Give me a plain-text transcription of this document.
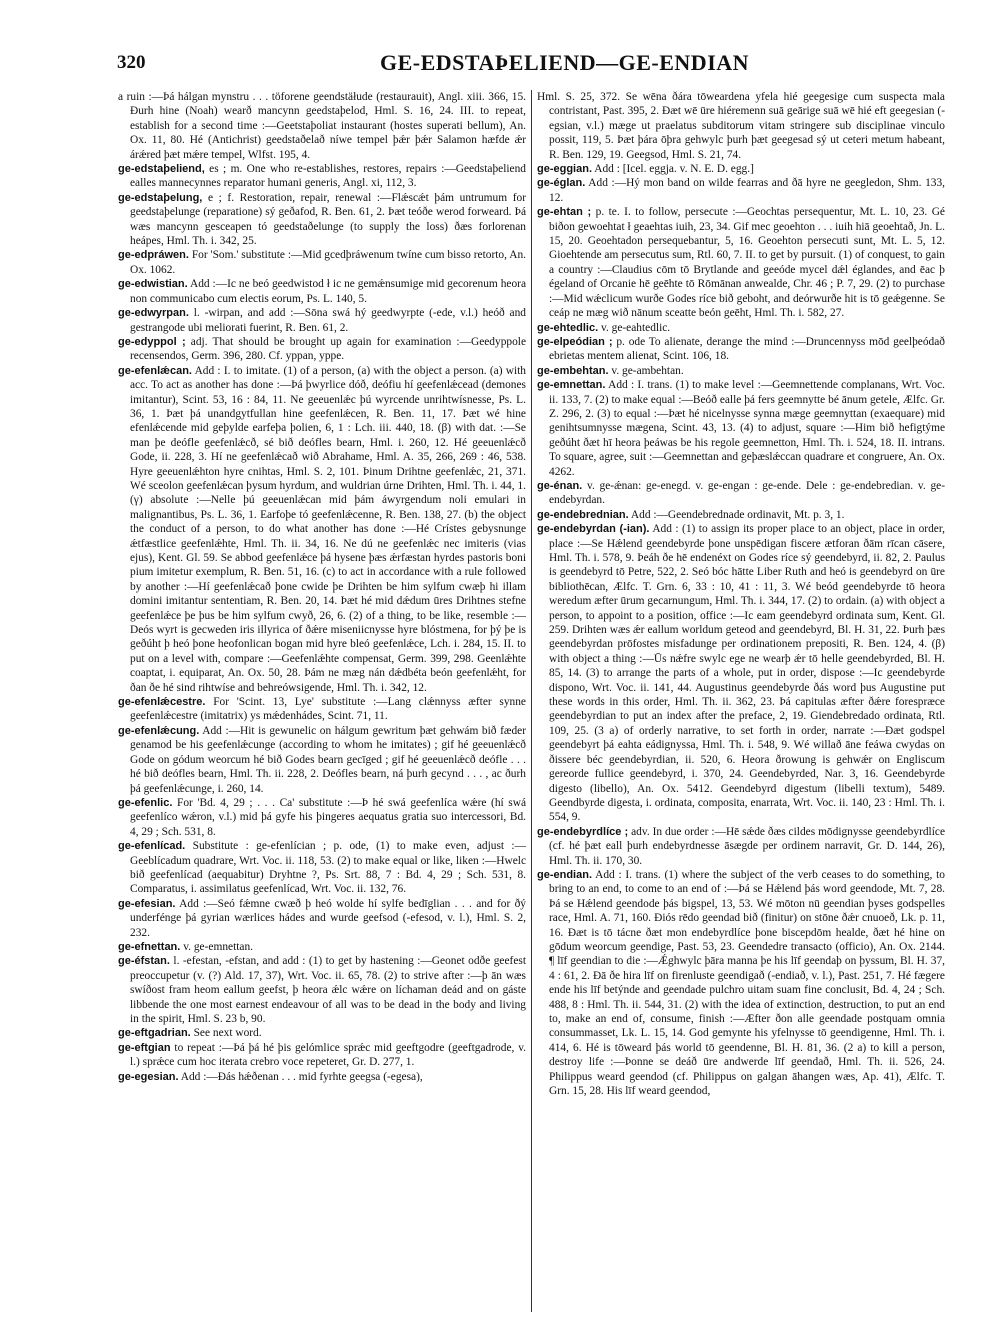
320	GE-EDSTAÞELIEND—GE-ENDIAN

a ruin :—Þá hálgan mynstru . . . töforene geendstäłude (restaurauit), Angl. xiii. 366, 15. Ðurh hine (Noah) wearð mancynn geedstaþelod, Hml. S. 16, 24. III. to repeat, establish for a second time :—Geetstaþoliat instaurant (hostes superati bellum), An. Ox. 11, 80. Hé (Antichrist) geedstaðelað níwe tempel þǽr þǽr Salamon hæfde ǽr árǽred þæt mǽre tempel, Wlfst. 195, 4.

ge-edstaþeliend, es ; m. One who re-establishes, restores, repairs :—Geedstaþeliend ealles mannecynnes reparator humani generis, Angl. xi, 112, 3.

ge-edstaþelung, e ; f. Restoration, repair, renewal :—Flǽscǽt þám untrumum for geedstaþelunge (reparatione) sý geðafod, R. Ben. 61, 2. Þæt teóðe werod forweard. Þá wæs mancynn gesceapen tó geedstaðelunge (to supply the loss) ðæs forlorenan heápes, Hml. Th. i. 342, 25.

ge-edpráwen. For 'Som.' substitute :—Mid gcedþráwenum twíne cum bisso retorto, An. Ox. 1062.

ge-edwistian. Add :—Ic ne beó geedwistod ł ic ne gemǽnsumige mid gecorenum heora non communicabo cum electis eorum, Ps. L. 140, 5.

ge-edwyrpan. l. -wirpan, and add :—Sōna swá hý geedwyrpte (-ede, v.l.) heóð and gestrangode ubi meliorati fuerint, R. Ben. 61, 2.

ge-edyppol ; adj. That should be brought up again for examination :—Geedyppole recensendos, Germ. 396, 280. Cf. yppan, yppe.

ge-efenlǽcan. Add : I. to imitate. (1) of a person, (a) with the object a person. (a) with acc. To act as another has done :—Þá þwyrlice dóð, deófiu hí geefenlǽcead (demones imitantur), Scint. 53, 16 : 84, 11. Ne geeuenlǽc þú wyrcende unrihtwísnesse, Ps. L. 36, 1. Þæt þá unandgytfullan hine geefenlǽcen, R. Ben. 11, 17. Þæt wé hine efenlǽcende mid geþylde earfeþa þolien, 6, 1 : Lch. iii. 440, 18. (β) with dat. :—Se man þe deófle geefenlǽcð, sé bið deófles bearn, Hml. i. 260, 12. Hé geeuenlǽcð Gode, ii. 228, 3. Hí ne geefenlǽcað wið Abrahame, Hml. A. 35, 266, 269 : 46, 538. Hyre geeuenlǽhton hyre cnihtas, Hml. S. 2, 101. Þinum Drihtne geefenlǽc, 21, 371. Wé sceolon geefenlǽcan þysum hyrdum, and wuldrian úrne Drihten, Hml. Th. i. 44, 1. (γ) absolute :—Nelle þú geeuenlǽcan mid þám áwyrgendum noli emulari in malignantibus, Ps. L. 36, 1. Earfoþe tó geefenlǽcenne, R. Ben. 138, 27. (b) the object the conduct of a person, to do what another has done :—Hé Crístes gebysnunge ǽtfæstlice geefenlǽhte, Hml. Th. ii. 34, 16. Ne dú ne geefenlǽc nec imiteris (vias ejus), Kent. Gl. 59. Se abbod geefenlǽce þá hysene þæs ǽrfæstan hyrdes pastoris boni pium imitetur exemplum, R. Ben. 51, 16. (c) to act in accordance with a rule followed by another :—Hí geefenlǽcað þone cwide þe Drihten be him sylfum cwæþ hi illam domini imitantur sententiam, R. Ben. 20, 14. Þæt hé mid dǽdum ūres Drihtnes stefne geefenlǽce þe þus be him sylfum cwyð, 26, 6. (2) of a thing, to be like, resemble :—Deós wyrt is gecweden iris illyrica of ðǽre miseniicnysse hyre blóstmena, for þý þe is geðúht þ heó þone heofonlican bogan mid hyre bleó geefenlǽce, Lch. i. 284, 15. II. to put on a level with, compare :—Geefenlǽhte compensat, Germ. 399, 298. Geenlǽhte coaptat, i. equiparat, An. Ox. 50, 28. Þám ne mæg nán dǽdbéta beón geefenlǽht, for ðan ðe hé sind rihtwíse and behreówsigende, Hml. Th. i. 342, 12.

ge-efenlǽcestre. For 'Scint. 13, Lye' substitute :—Lang clǽnnyss æfter synne geefenlǽcestre (imitatrix) ys mǽdenhádes, Scint. 71, 11.

ge-efenlǽcung. Add :—Hit is gewunelic on hálgum gewritum þæt gehwám bið fæder genamod be his geefenlǽcunge (according to whom he imitates) ; gif hé geeuenlǽcð Gode on gódum weorcum hé bið Godes bearn gecīged ; gif hé geeuenlǽcð deófle . . . hé bið deófles bearn, Hml. Th. ii. 228, 2. Deófles bearn, ná þurh gecynd . . . , ac ðurh þá geefenlǽcunge, i. 260, 14.

ge-efenlic. For 'Bd. 4, 29 ; . . . Ca' substitute :—Þ hé swá geefenlíca wǽre (hí swá geefenlíco wǽron, v.l.) mid þá gyfe his þingeres aequatus gratia suo intercessori, Bd. 4, 29 ; Sch. 531, 8.

ge-efenlícad. Substitute : ge-efenlícian ; p. ode, (1) to make even, adjust :—Geeblícadum quadrare, Wrt. Voc. ii. 118, 53. (2) to make equal or like, liken :—Hwelc bið geefenlícad (aequabitur) Dryhtne ?, Ps. Srt. 88, 7 : Bd. 4, 29 ; Sch. 531, 8. Comparatus, i. assimilatus geefenlícad, Wrt. Voc. ii. 132, 76.

ge-efesian. Add :—Seó fǽmne cwæð þ heó wolde hí sylfe bedīglian . . . and for ðý underfénge þá gyrian wærlices hádes and wurde geefsod (-efesod, v. l.), Hml. S. 2, 232.

ge-efnettan. v. ge-emnettan.

ge-éfstan. l. -efestan, -efstan, and add : (1) to get by hastening :—Geonet odðe geefest preoccupetur (v. (?) Ald. 17, 37), Wrt. Voc. ii. 65, 78. (2) to strive after :—þ ān wæs swíðost fram heom eallum geefst, þ heora ǽlc wǽre on líchaman deád and on gáste libbende the one most earnest endeavour of all was to be dead in the body and living in the spirit, Hml. S. 23 b, 90.

ge-eftgadrian. See next word.

ge-eftgian to repeat :—Þá þá hé þis gelómlice sprǽc mid geeftgodre (geeftgadrode, v. l.) sprǽce cum hoc iterata crebro voce repeteret, Gr. D. 277, 1.

ge-egesian. Add :—Ðás hǽðenan . . . mid fyrhte geegsa (-egesa),

Hml. S. 25, 372. Se wēna ðára tōweardena yfela hié geegesige cum suspecta mala contristant, Past. 395, 2. Ðæt wē ūre hiéremenn suā geārige suā wē hié eft geegesian (-egsian, v.l.) mæge ut praelatus subditorum vitam stringere sub disciplinae vinculo possit, 119, 5. Þæt þára ōþra gehwylc þurh þæt geegesad sý ut ceteri metum habeant, R. Ben. 129, 19. Geegsod, Hml. S. 21, 74.

ge-eggian. Add : [Icel. eggja. v. N. E. D. egg.]

ge-églan. Add :—Hý mon band on wilde fearras and ðā hyre ne geegledon, Shm. 133, 12.

ge-ehtan ; p. te. I. to follow, persecute :—Geochtas persequentur, Mt. L. 10, 23. Gé biðon gewoehtat ł geaehtas iuih, 23, 34. Gif mec geoehton . . . iuih hiā geoehtað, Jn. L. 15, 20. Geoehtadon persequebantur, 5, 16. Geoehton persecuti sunt, Mt. L. 5, 12. Gioehtende am persecutus sum, Rtl. 60, 7. II. to get by pursuit. (1) of conquest, to gain a country :—Claudius cōm tō Brytlande and geeóde mycel dǽl églandes, and ēac þ égeland of Orcanie hē geēhte tō Rōmānan anwealde, Chr. 46 ; P. 7, 29. (2) to purchase :—Mid wǽclicum wurðe Godes ríce bið geboht, and deórwurðe hit is tō geǽgenne. Se ceáp ne mæg wið nānum sceatte beón geēht, Hml. Th. i. 582, 27.

ge-ehtedlic. v. ge-eahtedlic.

ge-elpeódian ; p. ode To alienate, derange the mind :—Druncennyss mōd geelþeódað ebrietas mentem alienat, Scint. 106, 18.

ge-embehtan. v. ge-ambehtan.

ge-emnettan. Add : I. trans. (1) to make level :—Geemnettende complanans, Wrt. Voc. ii. 133, 7. (2) to make equal :—Beóð ealle þá fers geemnytte bé ānum getele, Ælfc. Gr. Z. 296, 2. (3) to equal :—Þæt hé nicelnysse synna mæge geemnyttan (exaequare) mid genihtsumnysse mægena, Scint. 43, 13. (4) to adjust, square :—Him bið hefigtýme geðúht ðæt hī heora þeáwas be his regole geemnetton, Hml. Th. i. 524, 18. II. intrans. To square, agree, suit :—Geemnettan and geþæslǽccan quadrare et congruere, An. Ox. 4262.

ge-énan. v. ge-ǽnan: ge-enegd. v. ge-engan : ge-ende. Dele : ge-endebredian. v. ge-endebyrdan.

ge-endebrednian. Add :—Geendebrednade ordinavit, Mt. p. 3, 1.

ge-endebyrdan (-ian). Add : (1) to assign its proper place to an object, place in order, place :—Se Hǽlend geendebyrde þone unspēdigan fiscere ætforan ðām rīcan cāsere, Hml. Th. i. 578, 9. Þeáh ðe hē endenéxt on Godes ríce sý geendebyrd, ii. 82, 2. Paulus is geendebyrd tō Petre, 522, 2. Seó bóc hātte Liber Ruth and heó is geendebyrd on ūre bibliothēcan, Ælfc. T. Grn. 6, 33 : 10, 41 : 11, 3. Wé beód geendebyrde tō heora weredum æfter ūrum gecarnungum, Hml. Th. i. 344, 17. (2) to ordain. (a) with object a person, to appoint to a position, office :—Ic eam geendebyrd ordinata sum, Kent. Gl. 259. Drihten wæs ǽr eallum worldum geteod and geendebyrd, Bl. H. 31, 22. Þurh þæs geendebyrdan prōfostes misfadunge per ordinationem prepositi, R. Ben. 124, 4. (β) with object a thing :—Ūs nǽfre swylc ege ne wearþ ǽr tō helle geendebyrded, Bl. H. 85, 14. (3) to arrange the parts of a whole, put in order, dispose :—Ic geendebyrde dispono, Wrt. Voc. ii. 141, 44. Augustinus geendebyrde ðás word þus Augustine put these words in this order, Hml. Th. ii. 362, 23. Þá capitulas æfter ðǽre forespræce geendebyrdian to put an index after the preface, 2, 19. Giendebredado ordinata, Rtl. 109, 25. (3 a) of orderly narrative, to set forth in order, narrate :—Ðæt godspel geendebyrt þá eahta eádignyssa, Hml. Th. i. 548, 9. Wé willað āne feáwa cwydas on ðissere béc geendebyrdian, ii. 520, 6. Heora ðrowung is gehwǽr on Engliscum gereorde fullice geendebyrd, i. 370, 24. Geendebyrded, Nar. 3, 16. Geendebyrde digesto (libello), An. Ox. 5412. Geendebyrd digestum (libelli textum), 5489. Geendbyrde digesta, i. ordinata, composita, enarrata, Wrt. Voc. ii. 140, 23 : Hml. Th. i. 554, 9.

ge-endebyrdlíce ; adv. In due order :—Hē sǽde ðæs cildes mōdignysse geendebyrdlíce (cf. hé þæt eall þurh endebyrdnesse āsægde per ordinem narravit, Gr. D. 144, 26), Hml. Th. ii. 170, 30.

ge-endian. Add : I. trans. (1) where the subject of the verb ceases to do something, to bring to an end, to come to an end of :—Þá se Hǽlend þás word geendode, Mt. 7, 28. Þá se Hǽlend geendode þás bigspel, 13, 53. Wé mōton nū geendian þyses godspelles race, Hml. A. 71, 160. Ðiós rēdo geendad bið (finitur) on stōne ðǽr cnuoeð, Lk. p. 11, 16. Ðæt is tō tácne ðæt mon endebyrdlíce þone biscepdōm healde, ðæt hé hine on gōdum weorcum geendige, Past. 53, 23. Geendedre transacto (officio), An. Ox. 2144. ¶ līf geendian to die :—Ǽghwylc þāra manna þe his līf geendaþ on þyssum, Bl. H. 37, 4 : 61, 2. Ðā ðe hira līf on firenluste geendigað (-endiað, v. l.), Past. 251, 7. Hé fægere ende his līf betýnde and geendade pulchro uitam suam fine conclusit, Bd. 4, 24 ; Sch. 488, 8 : Hml. Th. ii. 544, 31. (2) with the idea of extinction, destruction, to put an end to, make an end of, consume, finish :—Æfter ðon alle geendade postquam omnia consummasset, Lk. L. 15, 14. God gemynte his yfelnysse tō geendigenne, Hml. Th. i. 414, 6. Hé is tōweard þás world tō geendenne, Bl. H. 81, 36. (2 a) to kill a person, destroy life :—Þonne se deáð ūre andwerde līf geendað, Hml. Th. ii. 526, 24. Philippus weard geendod (cf. Philippus on galgan āhangen wæs, Ap. 41), Ælfc. T. Grn. 15, 28. His līf weard geendod,
